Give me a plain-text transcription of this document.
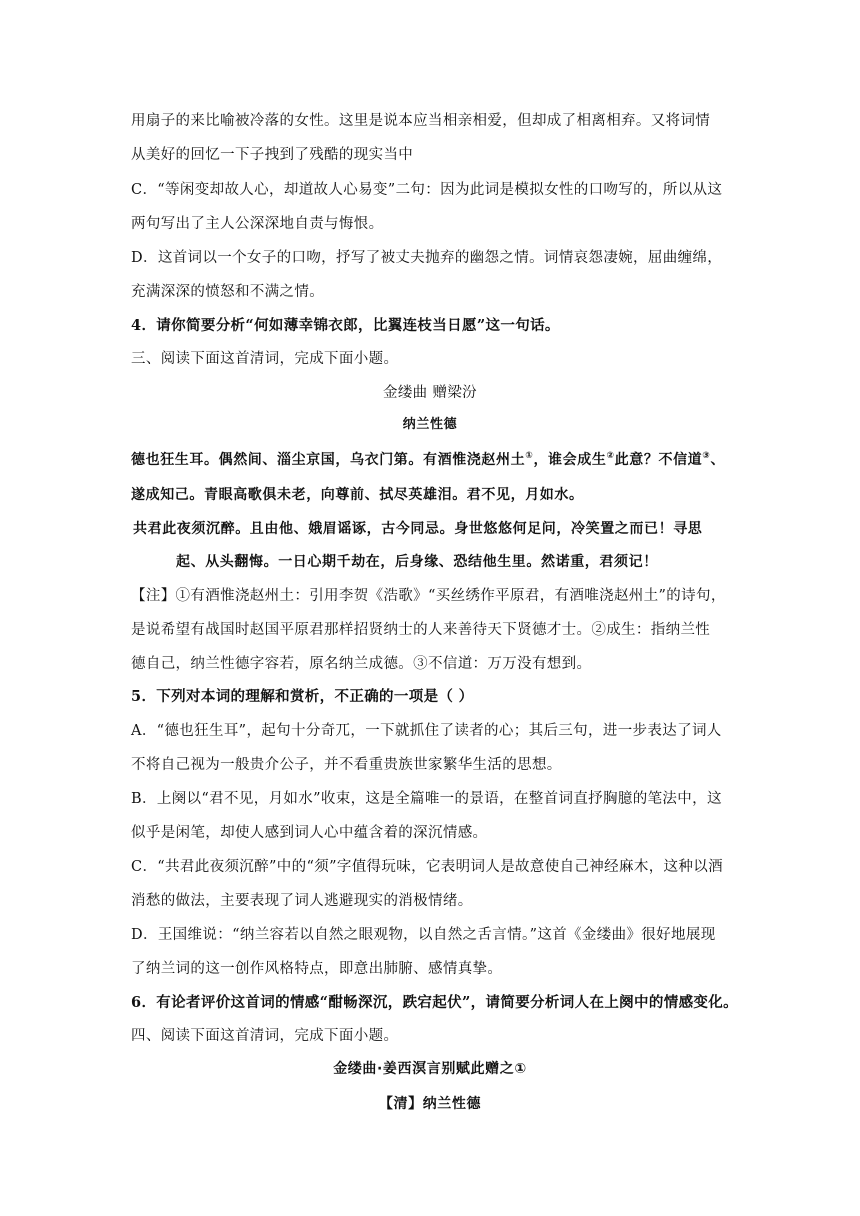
用扇子的来比喻被冷落的女性。这里是说本应当相亲相爱，但却成了相离相弃。又将词情
从美好的回忆一下子拽到了残酷的现实当中
C．“等闲变却故人心，却道故人心易变”二句：因为此词是模拟女性的口吻写的，所以从这
两句写出了主人公深深地自责与悔恨。
D．这首词以一个女子的口吻，抒写了被丈夫抛弃的幽怨之情。词情哀怨凄婉，屈曲缠绵，
充满深深的愤怒和不满之情。
4．请你简要分析“何如薄幸锦衣郎，比翼连枝当日愿”这一句话。
三、阅读下面这首清词，完成下面小题。
金缕曲 赠梁汾
纳兰性德
德也狂生耳。偶然间、淄尘京国，乌衣门第。有酒惟浇赵州土①，谁会成生②此意？不信道③、
遂成知己。青眼高歌俱未老，向尊前、拭尽英雄泪。君不见，月如水。
共君此夜须沉醉。且由他、娥眉谣诼，古今同忌。身世悠悠何足问，冷笑置之而已！寻思
起、从头翻悔。一日心期千劫在，后身缘、恐结他生里。然诺重，君须记！
【注】①有酒惟浇赵州土：引用李贺《浩歌》“买丝绣作平原君，有酒唯浇赵州土”的诗句，
是说希望有战国时赵国平原君那样招贤纳士的人来善待天下贤德才士。②成生：指纳兰性
德自己，纳兰性德字容若，原名纳兰成德。③不信道：万万没有想到。
5．下列对本词的理解和赏析，不正确的一项是（ ）
A．“德也狂生耳”，起句十分奇兀，一下就抓住了读者的心；其后三句，进一步表达了词人
不将自己视为一般贵介公子，并不看重贵族世家繁华生活的思想。
B．上阕以“君不见，月如水”收束，这是全篇唯一的景语，在整首词直抒胸臆的笔法中，这
似乎是闲笔，却使人感到词人心中蕴含着的深沉情感。
C．“共君此夜须沉醉”中的“须”字值得玩味，它表明词人是故意使自己神经麻木，这种以酒
消愁的做法，主要表现了词人逃避现实的消极情绪。
D．王国维说：“纳兰容若以自然之眼观物，以自然之舌言情。”这首《金缕曲》很好地展现
了纳兰词的这一创作风格特点，即意出肺腑、感情真挚。
6．有论者评价这首词的情感“酣畅深沉，跌宕起伏”，请简要分析词人在上阕中的情感变化。
四、阅读下面这首清词，完成下面小题。
金缕曲·姜西溟言别赋此赠之①
【清】纳兰性德
